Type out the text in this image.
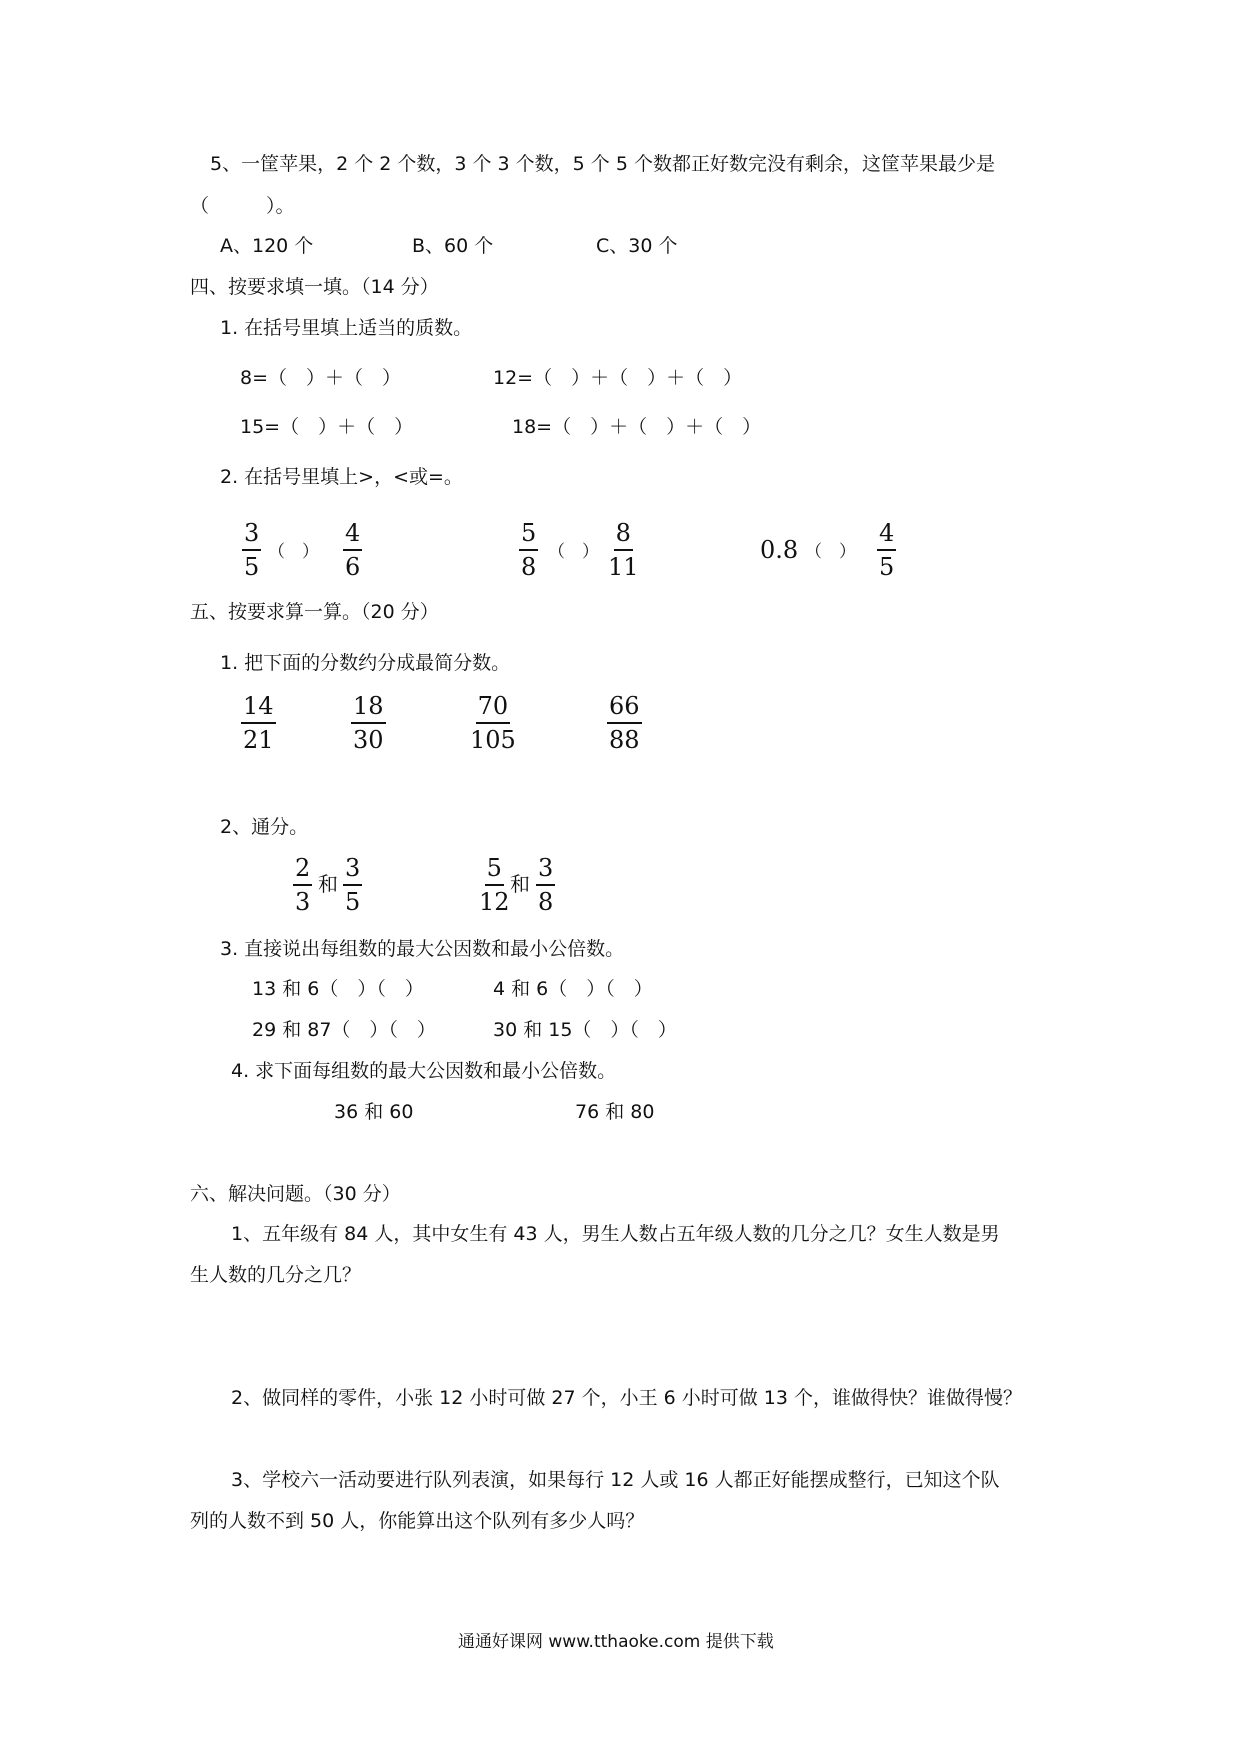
5、一筐苹果，2 个 2 个数，3 个 3 个数，5 个 5 个数都正好数完没有剩余，这筐苹果最少是
（　　　）。
A、120 个	B、60 个	C、30 个
四、按要求填一填。（14 分）
1. 在括号里填上适当的质数。
8=（　）＋（　）	12=（　）＋（　）＋（　）
15=（　）＋（　）	18=（　）＋（　）＋（　）
2. 在括号里填上>，<或=。
$\frac{3}{5}$ （　） $\frac{4}{6}$	$\frac{5}{8}$ （　） $\frac{8}{11}$	0.8 （　） $\frac{4}{5}$
五、按要求算一算。（20 分）
1. 把下面的分数约分成最简分数。
$\frac{14}{21}$	$\frac{18}{30}$	$\frac{70}{105}$	$\frac{66}{88}$
2、通分。
$\frac{2}{3}$ 和 $\frac{3}{5}$	$\frac{5}{12}$ 和 $\frac{3}{8}$
3. 直接说出每组数的最大公因数和最小公倍数。
13 和 6（　）（　）	4 和 6（　）（　）
29 和 87（　）（　）	30 和 15（　）（　）
4. 求下面每组数的最大公因数和最小公倍数。
36 和 60	76 和 80
六、解决问题。（30 分）
1、五年级有 84 人，其中女生有 43 人，男生人数占五年级人数的几分之几？女生人数是男
生人数的几分之几？
2、做同样的零件，小张 12 小时可做 27 个，小王 6 小时可做 13 个，谁做得快？谁做得慢？
3、学校六一活动要进行队列表演，如果每行 12 人或 16 人都正好能摆成整行，已知这个队
列的人数不到 50 人，你能算出这个队列有多少人吗？
通通好课网 www.tthaoke.com 提供下载
